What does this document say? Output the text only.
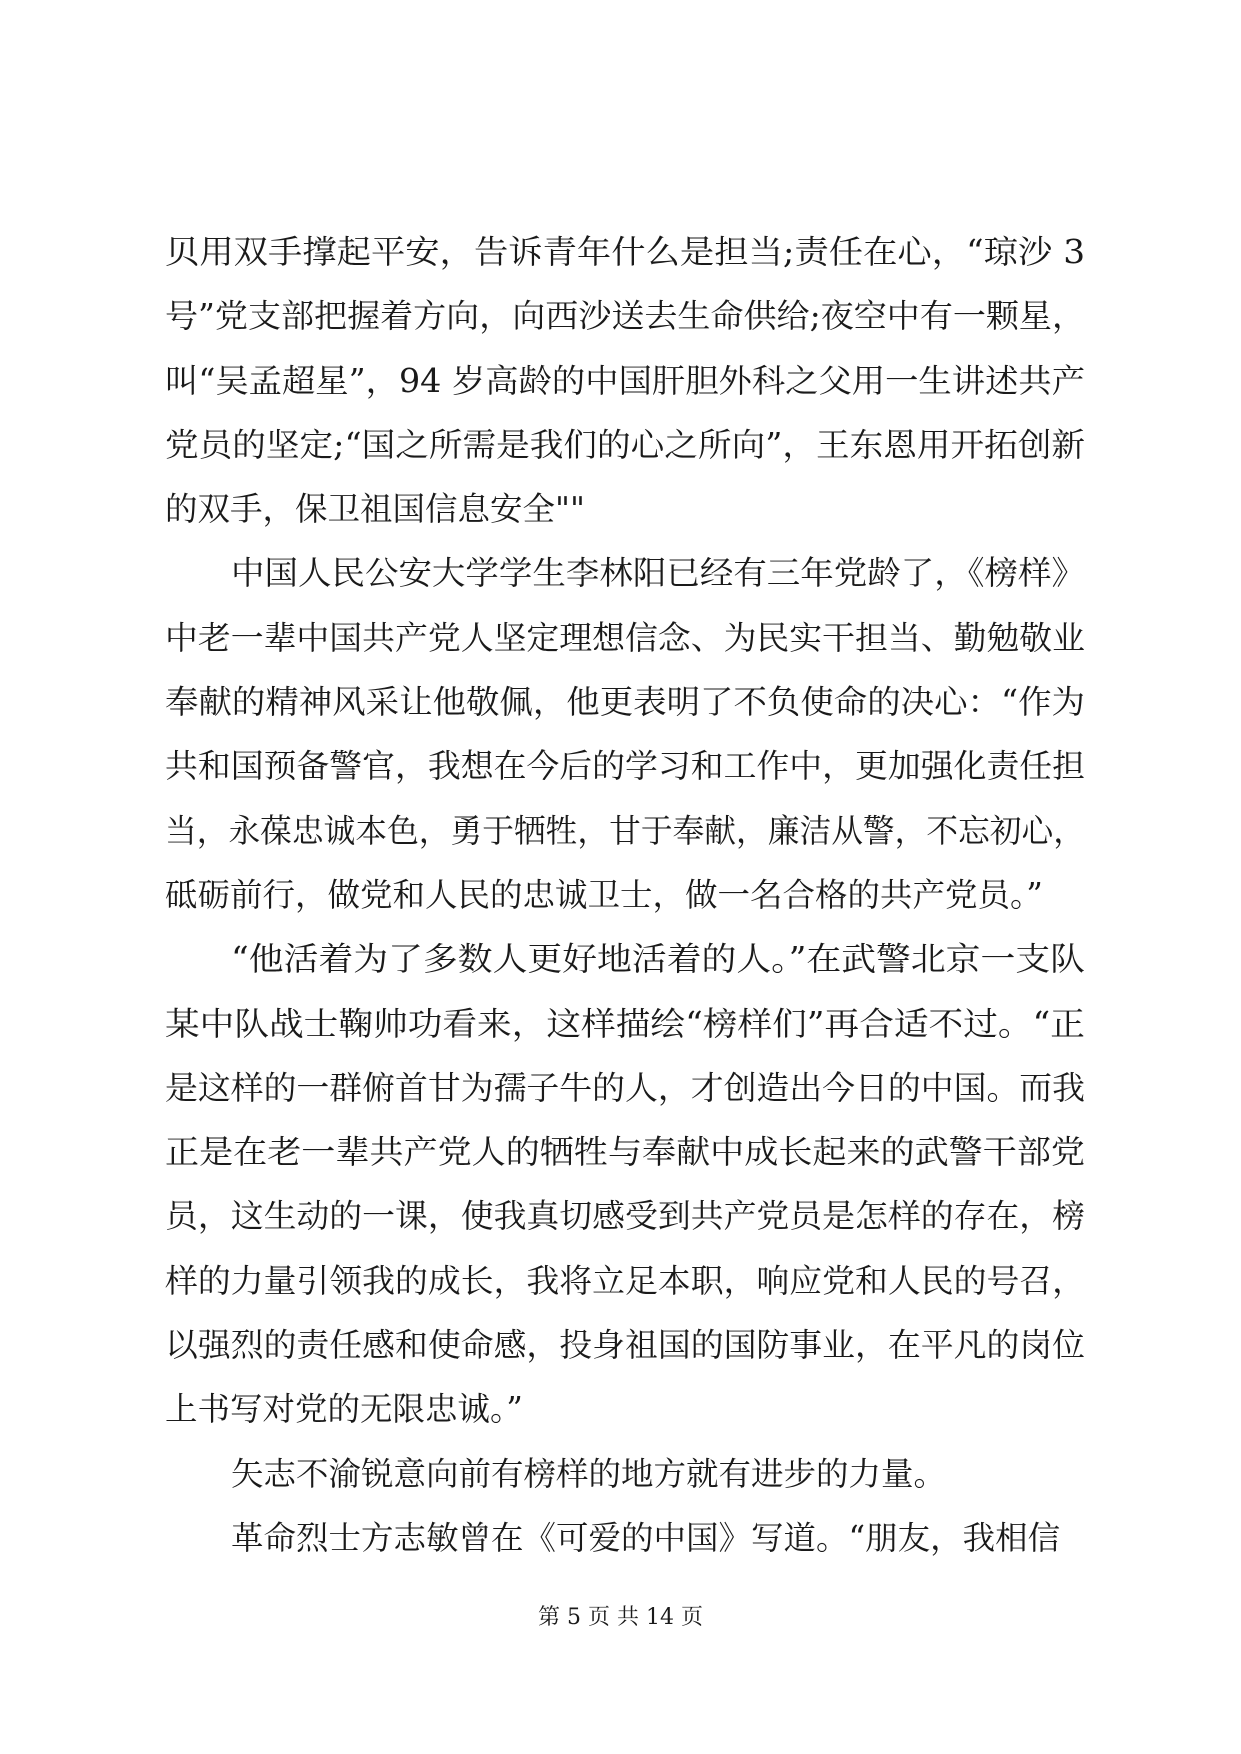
贝用双手撑起平安，告诉青年什么是担当;责任在心，“琼沙 3
号”党支部把握着方向，向西沙送去生命供给;夜空中有一颗星，
叫“吴孟超星”，94 岁高龄的中国肝胆外科之父用一生讲述共产
党员的坚定;“国之所需是我们的心之所向”，王东恩用开拓创新
的双手，保卫祖国信息安全""
中国人民公安大学学生李林阳已经有三年党龄了，《榜样》
中老一辈中国共产党人坚定理想信念、为民实干担当、勤勉敬业
奉献的精神风采让他敬佩，他更表明了不负使命的决心：“作为
共和国预备警官，我想在今后的学习和工作中，更加强化责任担
当，永葆忠诚本色，勇于牺牲，甘于奉献，廉洁从警，不忘初心，
砥砺前行，做党和人民的忠诚卫士，做一名合格的共产党员。”
“他活着为了多数人更好地活着的人。”在武警北京一支队
某中队战士鞠帅功看来，这样描绘“榜样们”再合适不过。“正
是这样的一群俯首甘为孺子牛的人，才创造出今日的中国。而我
正是在老一辈共产党人的牺牲与奉献中成长起来的武警干部党
员，这生动的一课，使我真切感受到共产党员是怎样的存在，榜
样的力量引领我的成长，我将立足本职，响应党和人民的号召，
以强烈的责任感和使命感，投身祖国的国防事业，在平凡的岗位
上书写对党的无限忠诚。”
矢志不渝锐意向前有榜样的地方就有进步的力量。
革命烈士方志敏曾在《可爱的中国》写道。“朋友，我相信
第 5 页 共 14 页
